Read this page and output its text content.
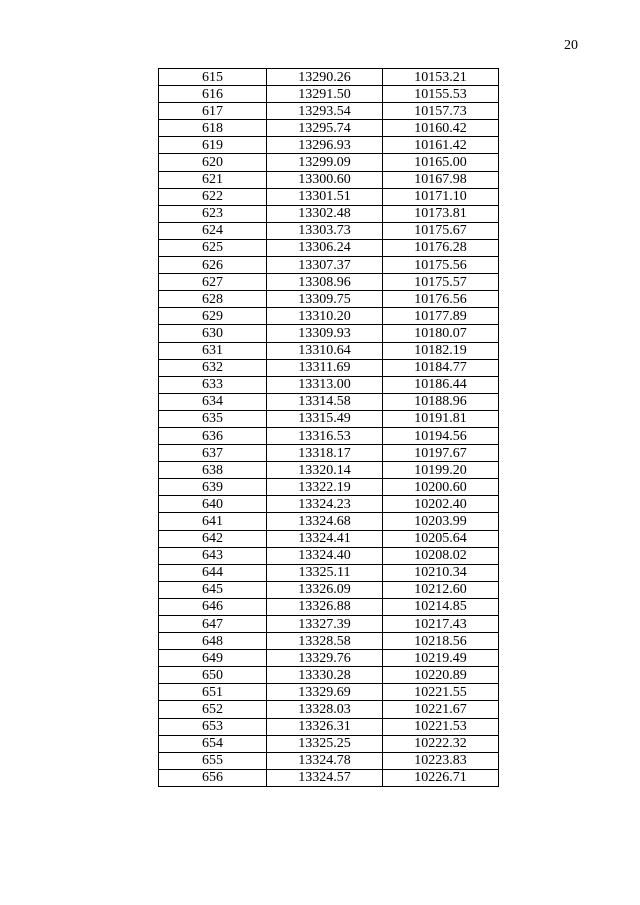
20
615	13290.26	10153.21
616	13291.50	10155.53
617	13293.54	10157.73
618	13295.74	10160.42
619	13296.93	10161.42
620	13299.09	10165.00
621	13300.60	10167.98
622	13301.51	10171.10
623	13302.48	10173.81
624	13303.73	10175.67
625	13306.24	10176.28
626	13307.37	10175.56
627	13308.96	10175.57
628	13309.75	10176.56
629	13310.20	10177.89
630	13309.93	10180.07
631	13310.64	10182.19
632	13311.69	10184.77
633	13313.00	10186.44
634	13314.58	10188.96
635	13315.49	10191.81
636	13316.53	10194.56
637	13318.17	10197.67
638	13320.14	10199.20
639	13322.19	10200.60
640	13324.23	10202.40
641	13324.68	10203.99
642	13324.41	10205.64
643	13324.40	10208.02
644	13325.11	10210.34
645	13326.09	10212.60
646	13326.88	10214.85
647	13327.39	10217.43
648	13328.58	10218.56
649	13329.76	10219.49
650	13330.28	10220.89
651	13329.69	10221.55
652	13328.03	10221.67
653	13326.31	10221.53
654	13325.25	10222.32
655	13324.78	10223.83
656	13324.57	10226.71
